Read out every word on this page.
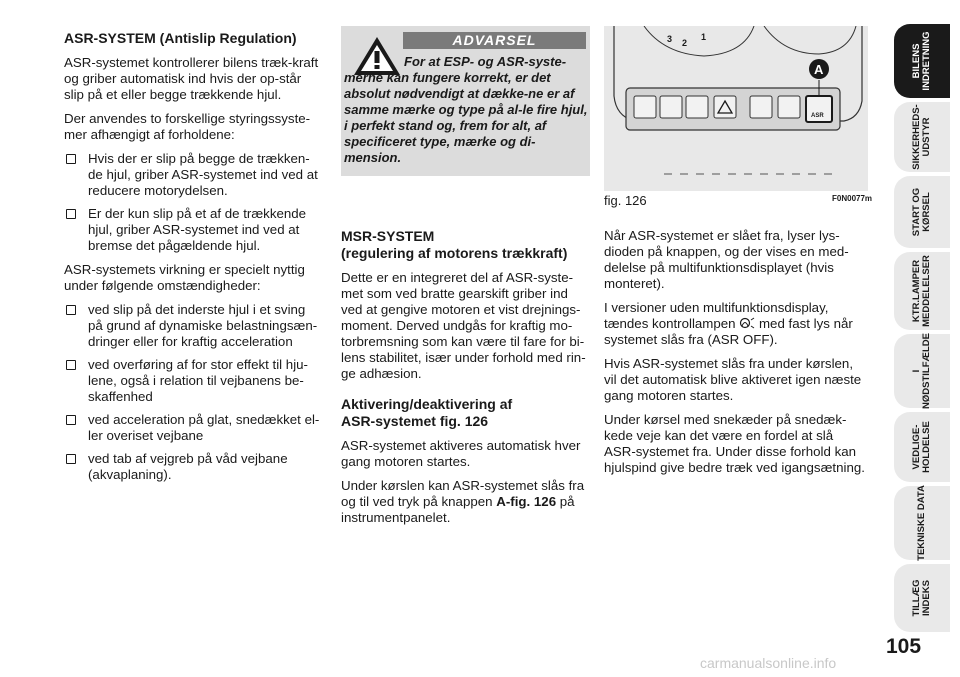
ASR-SYSTEM (Antislip Regulation)

ASR-systemet kontrollerer bilens træk-kraft og griber automatisk ind hvis der op-står slip på et eller begge trækkende hjul.

Der anvendes to forskellige styringssyste-mer afhængigt af forholdene:

Hvis der er slip på begge de trækken-de hjul, griber ASR-systemet ind ved at reducere motorydelsen.
Er der kun slip på et af de trækkende hjul, griber ASR-systemet ind ved at bremse det pågældende hjul.

ASR-systemets virkning er specielt nyttig under følgende omstændigheder:

ved slip på det inderste hjul i et sving på grund af dynamiske belastningsæn-dringer eller for kraftig acceleration
ved overføring af for stor effekt til hju-lene, også i relation til vejbanens be-skaffenhed
ved acceleration på glat, snedækket el-ler overiset vejbane
ved tab af vejgreb på våd vejbane (akvaplaning).
ADVARSEL
For at ESP- og ASR-syste-merne kan fungere korrekt, er det absolut nødvendigt at dække-ne er af samme mærke og type på al-le fire hjul, i perfekt stand og, frem for alt, af specificeret type, mærke og di-mension.
3 2
1
ASR
A
fig. 126	F0N0077m

MSR-SYSTEM
(regulering af motorens trækkraft)

Dette er en integreret del af ASR-syste-met som ved bratte gearskift griber ind ved at gengive motoren et vist drejnings-moment. Derved undgås for kraftig mo-torbremsning som kan være til fare for bi-lens stabilitet, især under forhold med rin-ge adhæsion.

Aktivering/deaktivering af
ASR-systemet fig. 126

ASR-systemet aktiveres automatisk hver gang motoren startes.

Under kørslen kan ASR-systemet slås fra og til ved tryk på knappen A-fig. 126 på instrumentpanelet.

Når ASR-systemet er slået fra, lyser lys-dioden på knappen, og der vises en med-delelse på multifunktionsdisplayet (hvis monteret).

I versioner uden multifunktionsdisplay, tændes kontrollampen med fast lys når systemet slås fra (ASR OFF).

Hvis ASR-systemet slås fra under kørslen, vil det automatisk blive aktiveret igen næste gang motoren startes.

Under kørsel med snekæder på snedæk-kede veje kan det være en fordel at slå ASR-systemet fra. Under disse forhold kan hjulspind give bedre træk ved igangsætning.

BILENS
INDRETNING
SIKKERHEDS-
UDSTYR
START OG
KØRSEL
KTR.LAMPER
MEDDELELSER
I
NØDSTILFÆLDE
VEDLIGE-
HOLDELSE
TEKNISKE DATA
TILLÆG
INDEKS
105
carmanualsonline.info
